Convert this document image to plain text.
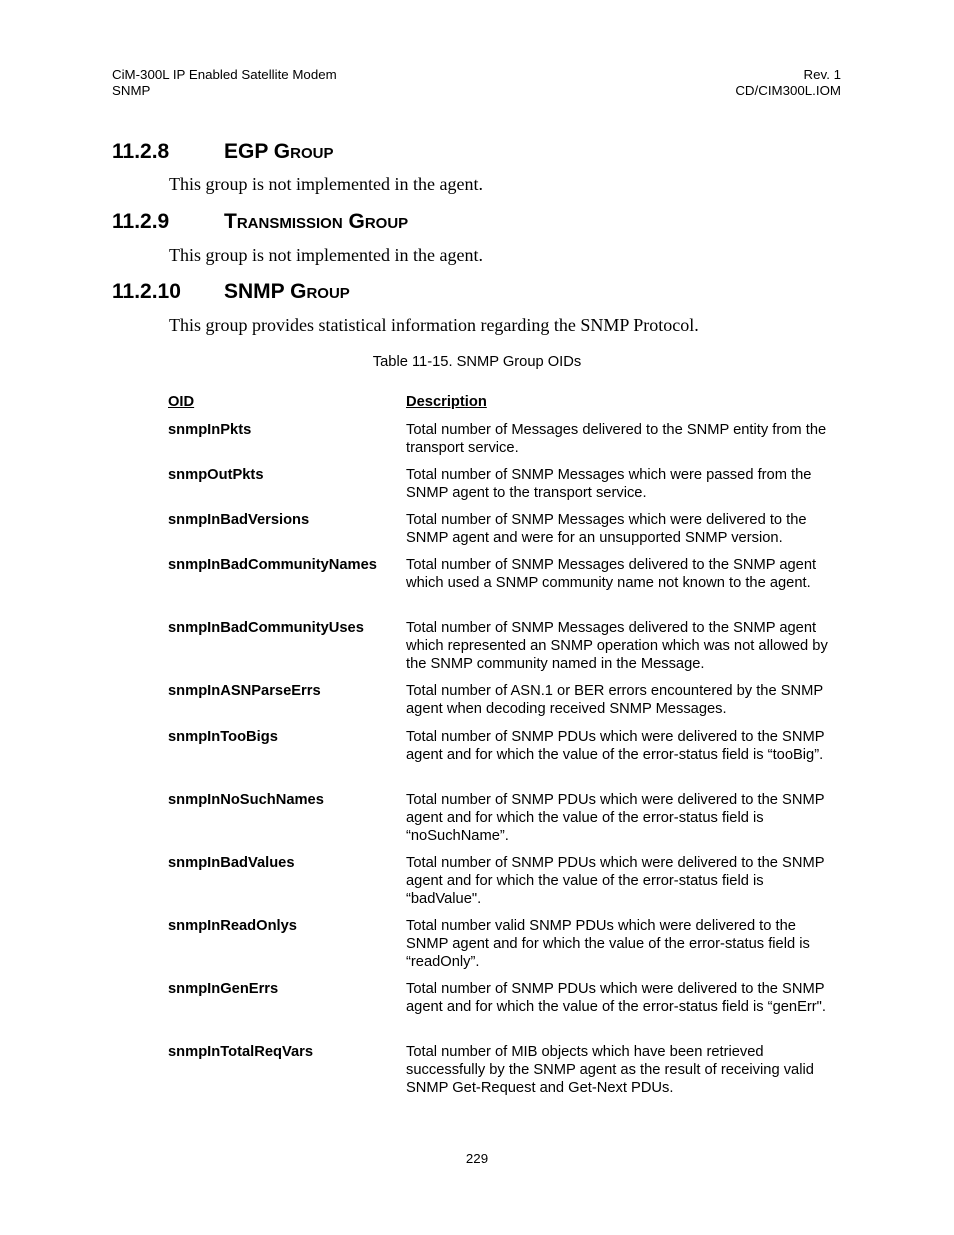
CiM-300L IP Enabled Satellite Modem
SNMP
Rev. 1
CD/CIM300L.IOM
11.2.8	EGP Group
This group is not implemented in the agent.
11.2.9	Transmission Group
This group is not implemented in the agent.
11.2.10 SNMP Group
This group provides statistical information regarding the SNMP Protocol.
Table 11-15. SNMP Group OIDs
OID	Description
snmpInPkts	Total number of Messages delivered to the SNMP entity from the transport service.
snmpOutPkts	Total number of SNMP Messages which were passed from the SNMP agent to the transport service.
snmpInBadVersions	Total number of SNMP Messages which were delivered to the SNMP agent and were for an unsupported SNMP version.
snmpInBadCommunityNames	Total number of SNMP Messages delivered to the SNMP agent which used a SNMP community name not known to the agent.
snmpInBadCommunityUses	Total number of SNMP Messages delivered to the SNMP agent which represented an SNMP operation which was not allowed by the SNMP community named in the Message.
snmpInASNParseErrs	Total number of ASN.1 or BER errors encountered by the SNMP agent when decoding received SNMP Messages.
snmpInTooBigs	Total number of SNMP PDUs which were delivered to the SNMP agent and for which the value of the error-status field is “tooBig”.
snmpInNoSuchNames	Total number of SNMP PDUs which were delivered to the SNMP agent and for which the value of the error-status field is “noSuchName”.
snmpInBadValues	Total number of SNMP PDUs which were delivered to the SNMP agent and for which the value of the error-status field is “badValue".
snmpInReadOnlys	Total number valid SNMP PDUs which were delivered to the SNMP agent and for which the value of the error-status field is “readOnly”.
snmpInGenErrs	Total number of SNMP PDUs which were delivered to the SNMP agent and for which the value of the error-status field is “genErr".
snmpInTotalReqVars	Total number of MIB objects which have been retrieved successfully by the SNMP agent as the result of receiving valid SNMP Get-Request and Get-Next PDUs.
229
